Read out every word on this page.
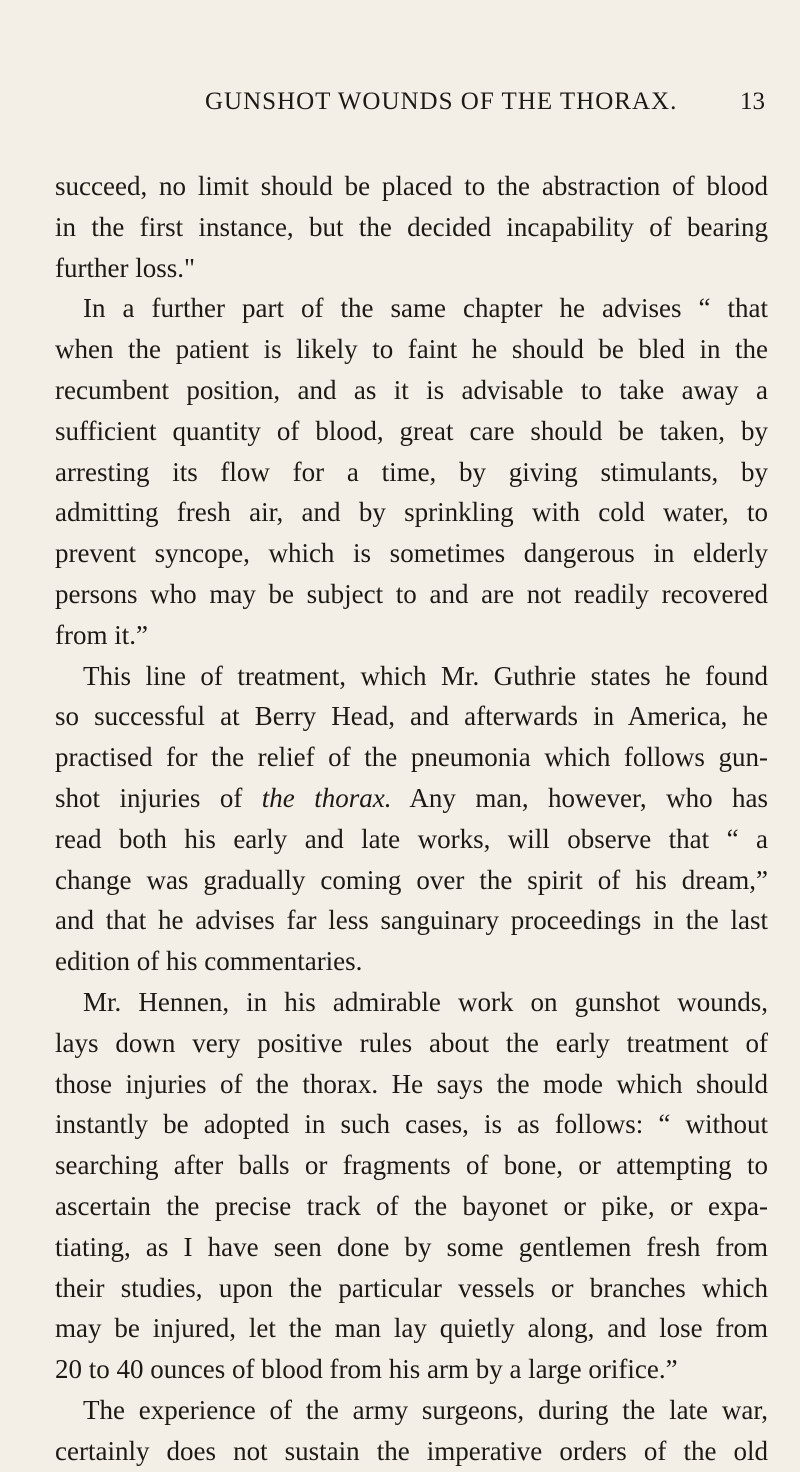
GUNSHOT WOUNDS OF THE THORAX.	13
succeed, no limit should be placed to the abstraction of blood
in the first instance, but the decided incapability of bearing
further loss."
In a further part of the same chapter he advises “ that
when the patient is likely to faint he should be bled in the
recumbent position, and as it is advisable to take away a
sufficient quantity of blood, great care should be taken, by
arresting its flow for a time, by giving stimulants, by
admitting fresh air, and by sprinkling with cold water, to
prevent syncope, which is sometimes dangerous in elderly
persons who may be subject to and are not readily recovered
from it.”
This line of treatment, which Mr. Guthrie states he found
so successful at Berry Head, and afterwards in America, he
practised for the relief of the pneumonia which follows gun-
shot injuries of the thorax. Any man, however, who has
read both his early and late works, will observe that “ a
change was gradually coming over the spirit of his dream,”
and that he advises far less sanguinary proceedings in the last
edition of his commentaries.
Mr. Hennen, in his admirable work on gunshot wounds,
lays down very positive rules about the early treatment of
those injuries of the thorax. He says the mode which should
instantly be adopted in such cases, is as follows: “ without
searching after balls or fragments of bone, or attempting to
ascertain the precise track of the bayonet or pike, or expa-
tiating, as I have seen done by some gentlemen fresh from
their studies, upon the particular vessels or branches which
may be injured, let the man lay quietly along, and lose from
20 to 40 ounces of blood from his arm by a large orifice.”
The experience of the army surgeons, during the late war,
certainly does not sustain the imperative orders of the old
